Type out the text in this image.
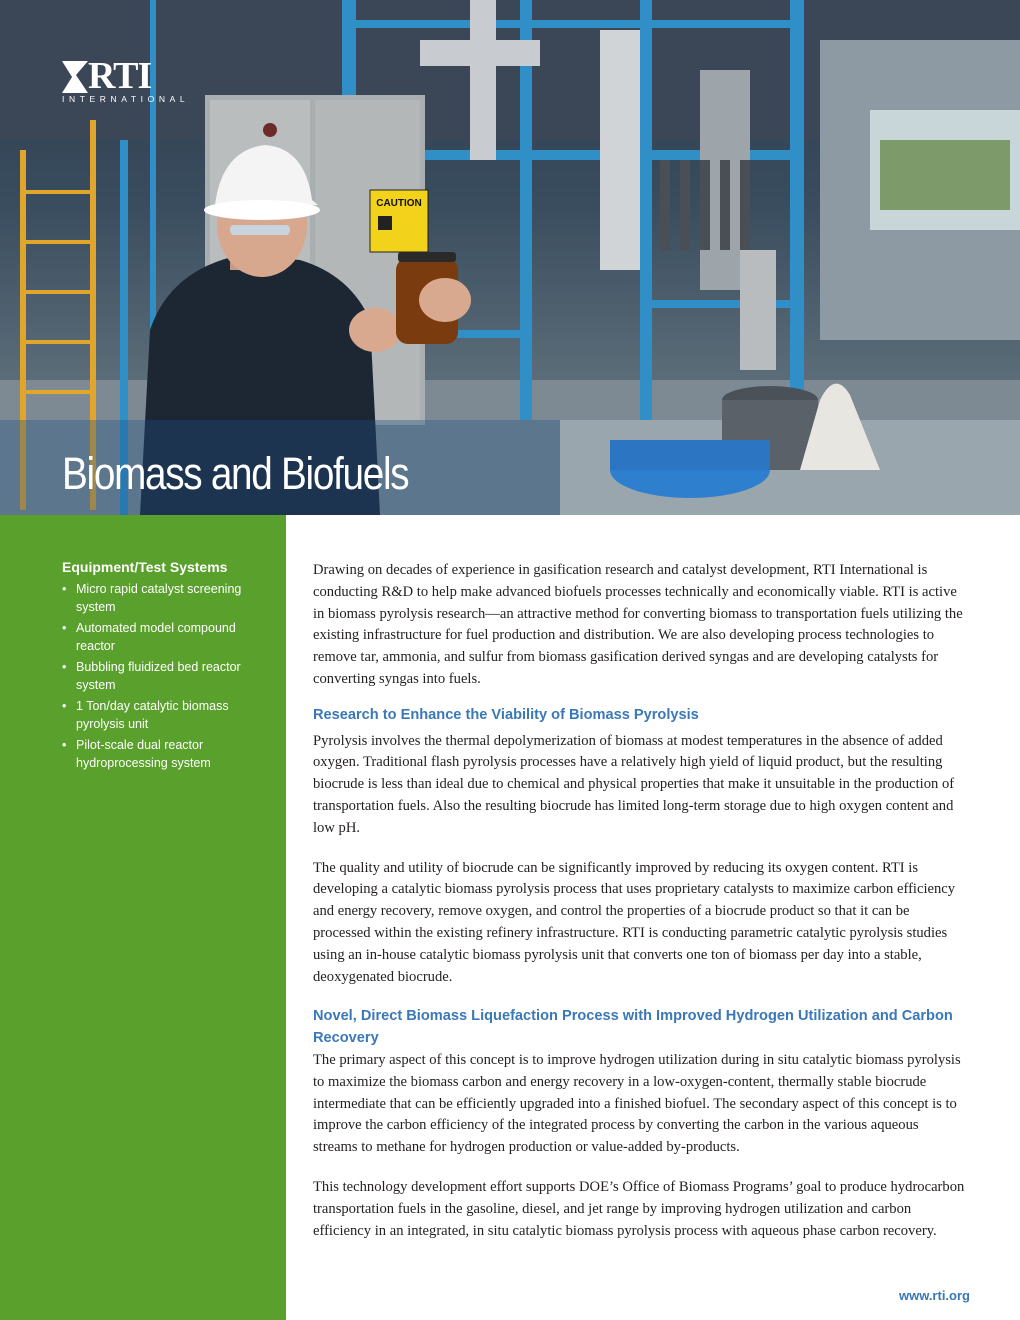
CAUTION
RTI
INTERNATIONAL
Biomass and Biofuels
Equipment/Test Systems
• Micro rapid catalyst screening system
• Automated model compound reactor
• Bubbling fluidized bed reactor system
• 1 Ton/day catalytic biomass pyrolysis unit
• Pilot-scale dual reactor hydroprocessing system

Drawing on decades of experience in gasification research and catalyst development, RTI International is conducting R&D to help make advanced biofuels processes technically and economically viable. RTI is active in biomass pyrolysis research—an attractive method for converting biomass to transportation fuels utilizing the existing infrastructure for fuel production and distribution. We are also developing process technologies to remove tar, ammonia, and sulfur from biomass gasification derived syngas and are developing catalysts for converting syngas into fuels.

Research to Enhance the Viability of Biomass Pyrolysis

Pyrolysis involves the thermal depolymerization of biomass at modest temperatures in the absence of added oxygen. Traditional flash pyrolysis processes have a relatively high yield of liquid product, but the resulting biocrude is less than ideal due to chemical and physical properties that make it unsuitable in the production of transportation fuels. Also the resulting biocrude has limited long-term storage due to high oxygen content and low pH.

The quality and utility of biocrude can be significantly improved by reducing its oxygen content. RTI is developing a catalytic biomass pyrolysis process that uses proprietary catalysts to maximize carbon efficiency and energy recovery, remove oxygen, and control the properties of a biocrude product so that it can be processed within the existing refinery infrastructure. RTI is conducting parametric catalytic pyrolysis studies using an in-house catalytic biomass pyrolysis unit that converts one ton of biomass per day into a stable, deoxygenated biocrude.

Novel, Direct Biomass Liquefaction Process with Improved Hydrogen Utilization and Carbon Recovery

The primary aspect of this concept is to improve hydrogen utilization during in situ catalytic biomass pyrolysis to maximize the biomass carbon and energy recovery in a low-oxygen-content, thermally stable biocrude intermediate that can be efficiently upgraded into a finished biofuel. The secondary aspect of this concept is to improve the carbon efficiency of the integrated process by converting the carbon in the various aqueous streams to methane for hydrogen production or value-added by-products.

This technology development effort supports DOE’s Office of Biomass Programs’ goal to produce hydrocarbon transportation fuels in the gasoline, diesel, and jet range by improving hydrogen utilization and carbon efficiency in an integrated, in situ catalytic biomass pyrolysis process with aqueous phase carbon recovery.

www.rti.org
